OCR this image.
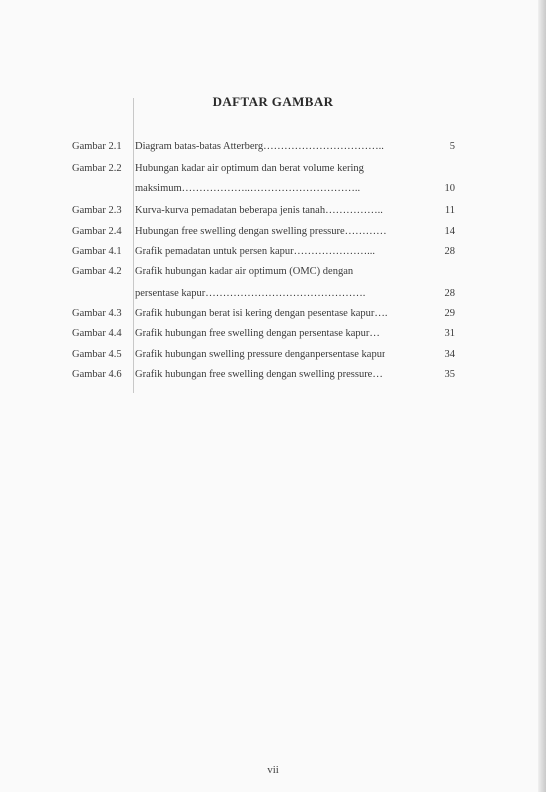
DAFTAR GAMBAR
Gambar 2.1 Diagram batas-batas Atterberg……………………………..	5
Gambar 2.2 Hubungan kadar air optimum dan berat volume kering
maksimum………………..…………………………..	10
Gambar 2.3 Kurva-kurva pemadatan beberapa jenis tanah……………..	11
Gambar 2.4 Hubungan free swelling dengan swelling pressure…………	14
Gambar 4.1 Grafik pemadatan untuk persen kapur…………………...	28
Gambar 4.2 Grafik hubungan kadar air optimum (OMC) dengan
persentase kapur……………………………………….	28
Gambar 4.3 Grafik hubungan berat isi kering dengan pesentase kapur….	29
Gambar 4.4 Grafik hubungan free swelling dengan persentase kapur…	31
Gambar 4.5 Grafik hubungan swelling pressure denganpersentase kapur	34
Gambar 4.6 Grafik hubungan free swelling dengan swelling pressure…	35
vii
